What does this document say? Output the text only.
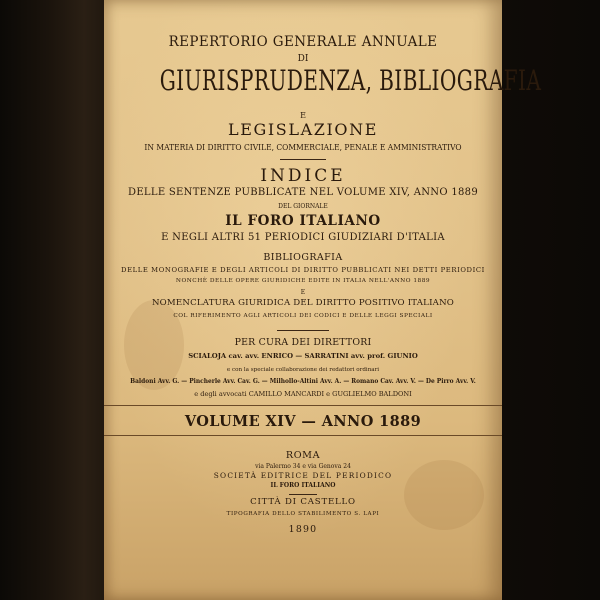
REPERTORIO GENERALE ANNUALE
DI
GIURISPRUDENZA, BIBLIOGRAFIA
E
LEGISLAZIONE
IN MATERIA DI DIRITTO CIVILE, COMMERCIALE, PENALE E AMMINISTRATIVO
INDICE
DELLE SENTENZE PUBBLICATE NEL VOLUME XIV, ANNO 1889
DEL GIORNALE
IL FORO ITALIANO
E NEGLI ALTRI 51 PERIODICI GIUDIZIARI D'ITALIA
BIBLIOGRAFIA
DELLE MONOGRAFIE E DEGLI ARTICOLI DI DIRITTO PUBBLICATI NEI DETTI PERIODICI
NONCHÈ DELLE OPERE GIURIDICHE EDITE IN ITALIA NELL'ANNO 1889
E
NOMENCLATURA GIURIDICA DEL DIRITTO POSITIVO ITALIANO
COL RIFERIMENTO AGLI ARTICOLI DEI CODICI E DELLE LEGGI SPECIALI
PER CURA DEI DIRETTORI
SCIALOJA cav. avv. ENRICO — SARRATINI avv. prof. GIUNIO
e con la speciale collaborazione dei redattori ordinari
Baldoni Avv. G. — Pincherle Avv. Cav. G. — Milhollo-Altini Avv. A. — Romano Cav. Avv. V. — De Pirro Avv. V.
e degli avvocati CAMILLO MANCARDI e GUGLIELMO BALDONI
VOLUME XIV — ANNO 1889
ROMA
via Palermo 34 e via Genova 24
SOCIETÀ EDITRICE DEL PERIODICO
IL FORO ITALIANO
CITTÀ DI CASTELLO
TIPOGRAFIA DELLO STABILIMENTO S. LAPI
1890
